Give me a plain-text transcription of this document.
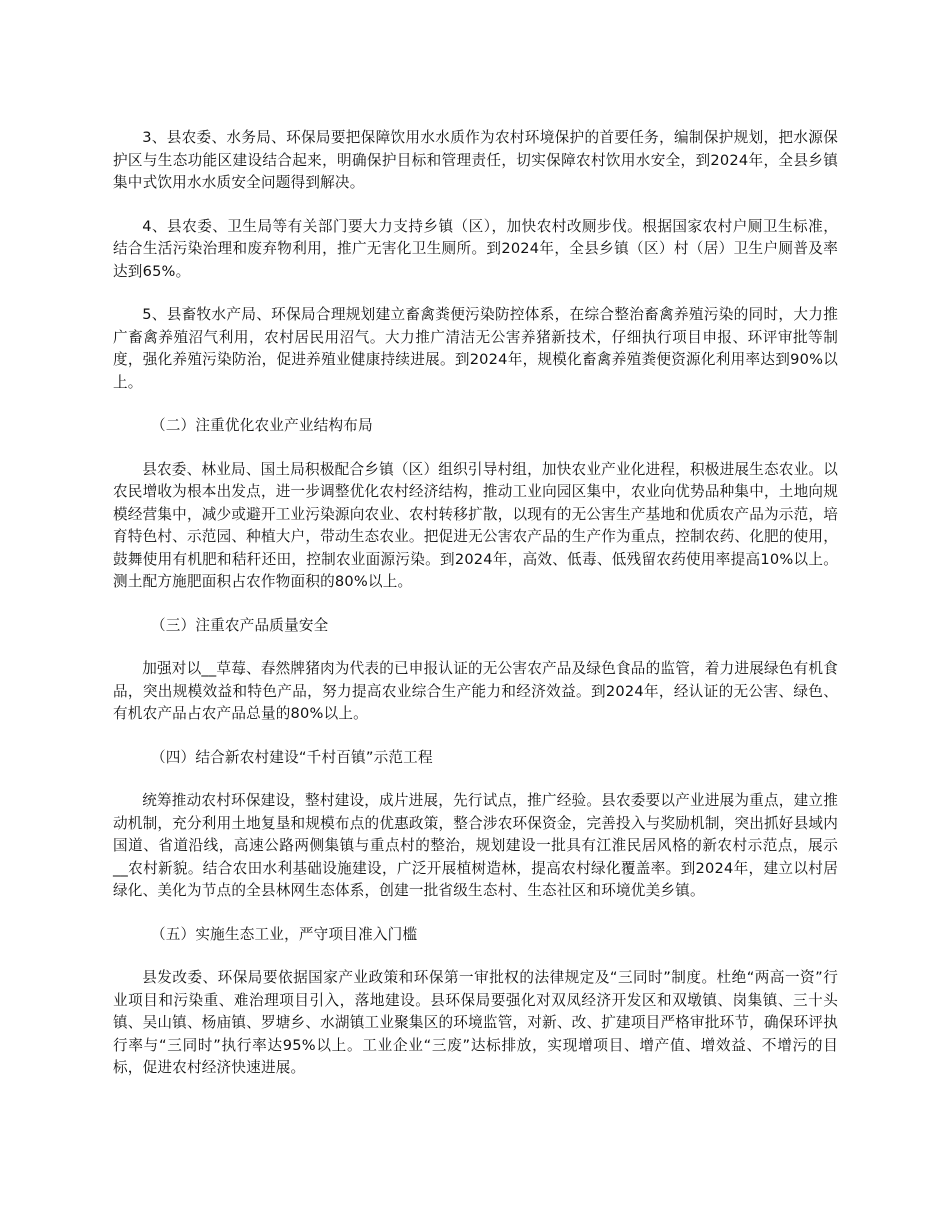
3、县农委、水务局、环保局要把保障饮用水水质作为农村环境保护的首要任务，编制保护规划，把水源保护区与生态功能区建设结合起来，明确保护目标和管理责任，切实保障农村饮用水安全，到2024年，全县乡镇集中式饮用水水质安全问题得到解决。

4、县农委、卫生局等有关部门要大力支持乡镇（区），加快农村改厕步伐。根据国家农村户厕卫生标准，结合生活污染治理和废弃物利用，推广无害化卫生厕所。到2024年，全县乡镇（区）村（居）卫生户厕普及率达到65%。

5、县畜牧水产局、环保局合理规划建立畜禽粪便污染防控体系，在综合整治畜禽养殖污染的同时，大力推广畜禽养殖沼气利用，农村居民用沼气。大力推广清洁无公害养猪新技术，仔细执行项目申报、环评审批等制度，强化养殖污染防治，促进养殖业健康持续进展。到2024年，规模化畜禽养殖粪便资源化利用率达到90%以上。

（二）注重优化农业产业结构布局

县农委、林业局、国土局积极配合乡镇（区）组织引导村组，加快农业产业化进程，积极进展生态农业。以农民增收为根本出发点，进一步调整优化农村经济结构，推动工业向园区集中，农业向优势品种集中，土地向规模经营集中，减少或避开工业污染源向农业、农村转移扩散，以现有的无公害生产基地和优质农产品为示范，培育特色村、示范园、种植大户，带动生态农业。把促进无公害农产品的生产作为重点，控制农药、化肥的使用，鼓舞使用有机肥和秸秆还田，控制农业面源污染。到2024年，高效、低毒、低残留农药使用率提高10%以上。测土配方施肥面积占农作物面积的80%以上。

（三）注重农产品质量安全

加强对以__草莓、春然牌猪肉为代表的已申报认证的无公害农产品及绿色食品的监管，着力进展绿色有机食品，突出规模效益和特色产品，努力提高农业综合生产能力和经济效益。到2024年，经认证的无公害、绿色、有机农产品占农产品总量的80%以上。

（四）结合新农村建设“千村百镇”示范工程

统筹推动农村环保建设，整村建设，成片进展，先行试点，推广经验。县农委要以产业进展为重点，建立推动机制，充分利用土地复垦和规模布点的优惠政策，整合涉农环保资金，完善投入与奖励机制，突出抓好县域内国道、省道沿线，高速公路两侧集镇与重点村的整治，规划建设一批具有江淮民居风格的新农村示范点，展示__农村新貌。结合农田水利基础设施建设，广泛开展植树造林，提高农村绿化覆盖率。到2024年，建立以村居绿化、美化为节点的全县林网生态体系，创建一批省级生态村、生态社区和环境优美乡镇。

（五）实施生态工业，严守项目准入门槛

县发改委、环保局要依据国家产业政策和环保第一审批权的法律规定及“三同时”制度。杜绝“两高一资”行业项目和污染重、难治理项目引入，落地建设。县环保局要强化对双凤经济开发区和双墩镇、岗集镇、三十头镇、吴山镇、杨庙镇、罗塘乡、水湖镇工业聚集区的环境监管，对新、改、扩建项目严格审批环节，确保环评执行率与“三同时”执行率达95%以上。工业企业“三废”达标排放，实现增项目、增产值、增效益、不增污的目标，促进农村经济快速进展。
